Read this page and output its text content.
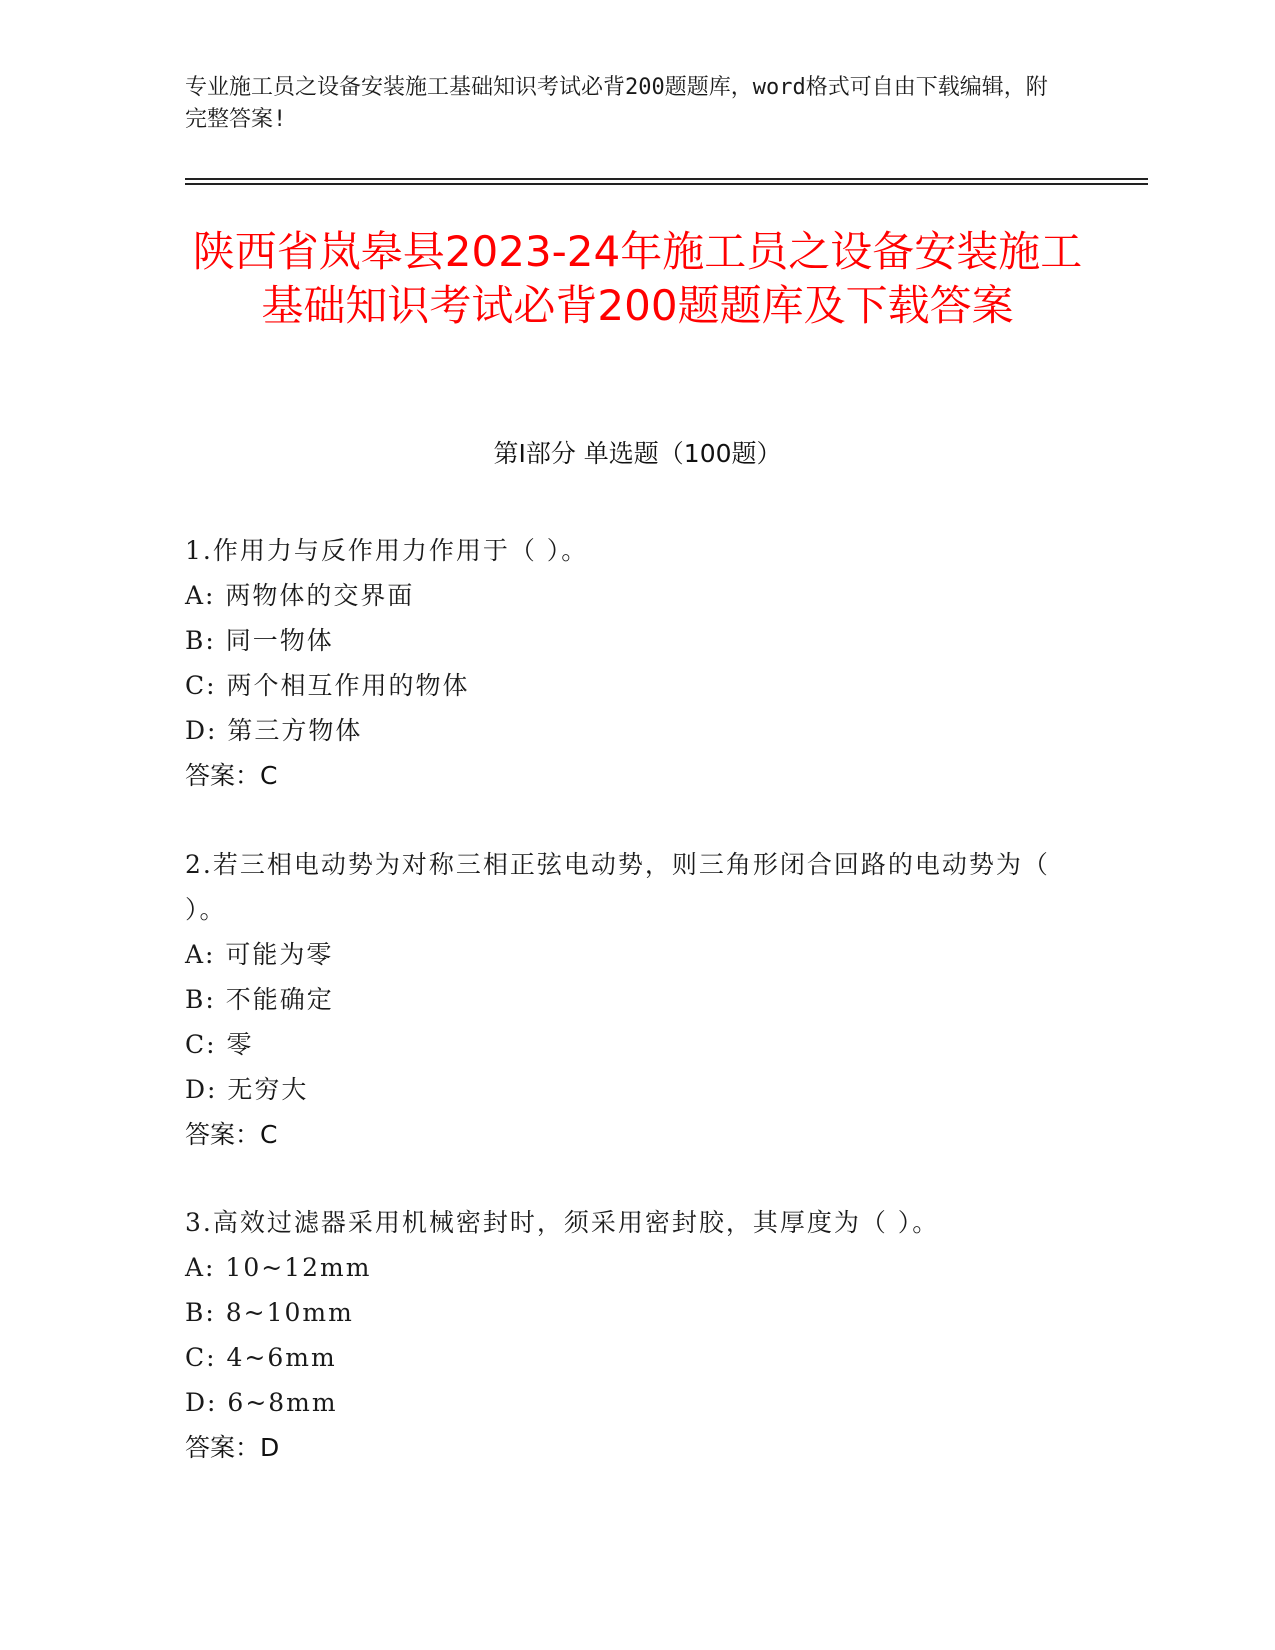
专业施工员之设备安装施工基础知识考试必背200题题库，word格式可自由下载编辑，附完整答案!

陕西省岚皋县2023-24年施工员之设备安装施工基础知识考试必背200题题库及下载答案
第Ⅰ部分 单选题（100题）

1.作用力与反作用力作用于（ ）。

A: 两物体的交界面

B: 同一物体

C: 两个相互作用的物体

D: 第三方物体

答案：C

2.若三相电动势为对称三相正弦电动势，则三角形闭合回路的电动势为（ ）。

A: 可能为零

B: 不能确定

C: 零

D: 无穷大

答案：C

3.高效过滤器采用机械密封时，须采用密封胶，其厚度为（ ）。

A: 10~12mm

B: 8~10mm

C: 4~6mm

D: 6~8mm

答案：D
